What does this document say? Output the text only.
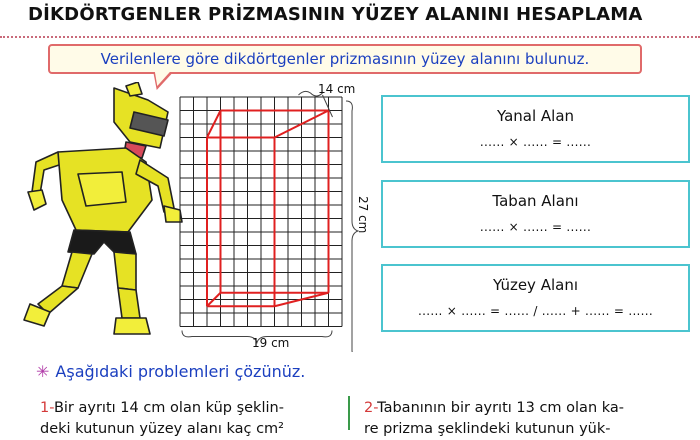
DİKDÖRTGENLER PRİZMASININ YÜZEY ALANINI HESAPLAMA
Verilenlere göre dikdörtgenler prizmasının yüzey alanını bulunuz.
14 cm
27 cm
19 cm
Yanal Alan
...... × ...... = ......
Taban Alanı
...... × ...... = ......
Yüzey Alanı
...... × ...... = ...... / ...... + ...... = ......
✳ Aşağıdaki problemleri çözünüz.
1-Bir ayrıtı 14 cm olan küp şeklin-
deki kutunun yüzey alanı kaç cm²
2-Tabanının bir ayrıtı 13 cm olan ka-
re prizma şeklindeki kutunun yük-
